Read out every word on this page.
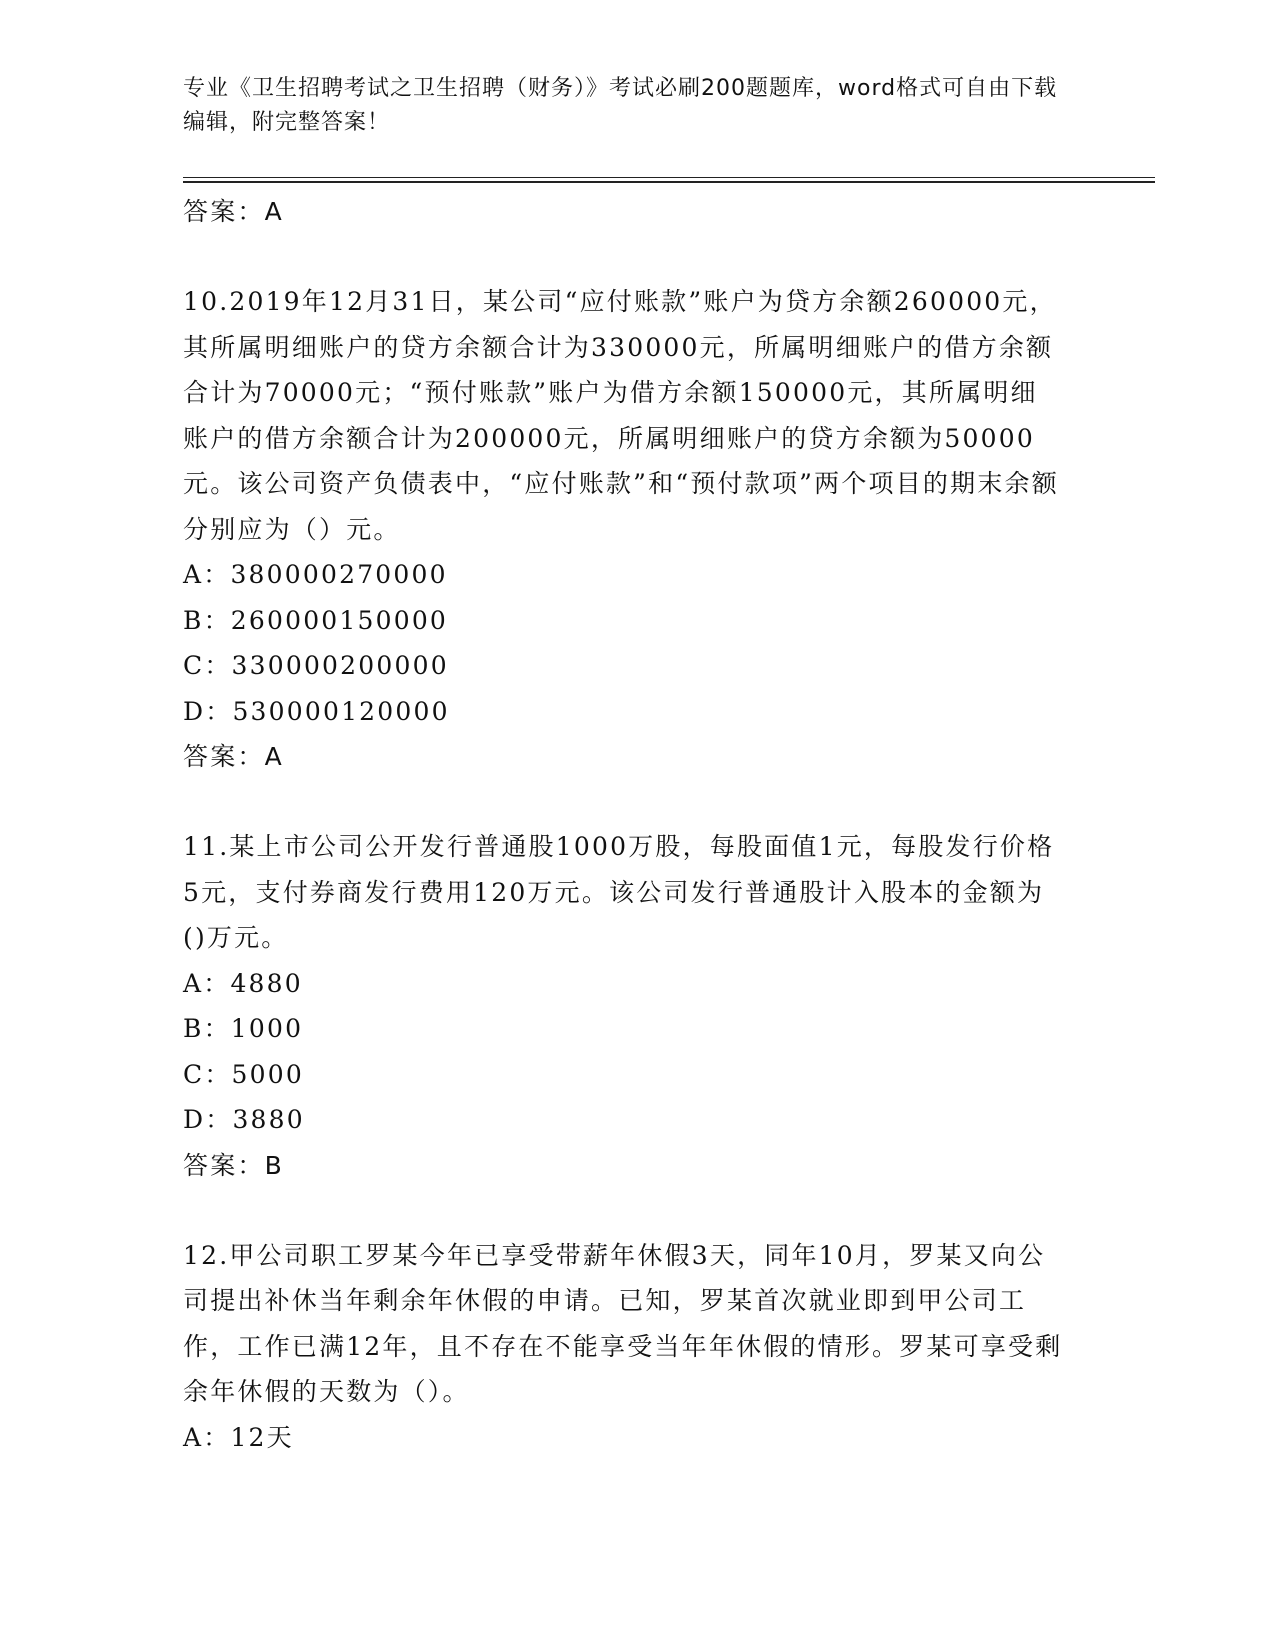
专业《卫生招聘考试之卫生招聘（财务）》考试必刷200题题库，word格式可自由下载编辑，附完整答案！
答案：A
10.2019年12月31日，某公司“应付账款”账户为贷方余额260000元，其所属明细账户的贷方余额合计为330000元，所属明细账户的借方余额合计为70000元；“预付账款”账户为借方余额150000元，其所属明细账户的借方余额合计为200000元，所属明细账户的贷方余额为50000元。该公司资产负债表中，“应付账款”和“预付款项”两个项目的期末余额分别应为（）元。
A：380000270000
B：260000150000
C：330000200000
D：530000120000
答案：A
11.某上市公司公开发行普通股1000万股，每股面值1元，每股发行价格5元，支付券商发行费用120万元。该公司发行普通股计入股本的金额为()万元。
A：4880
B：1000
C：5000
D：3880
答案：B
12.甲公司职工罗某今年已享受带薪年休假3天，同年10月，罗某又向公司提出补休当年剩余年休假的申请。已知，罗某首次就业即到甲公司工作，工作已满12年，且不存在不能享受当年年休假的情形。罗某可享受剩余年休假的天数为（）。
A：12天
